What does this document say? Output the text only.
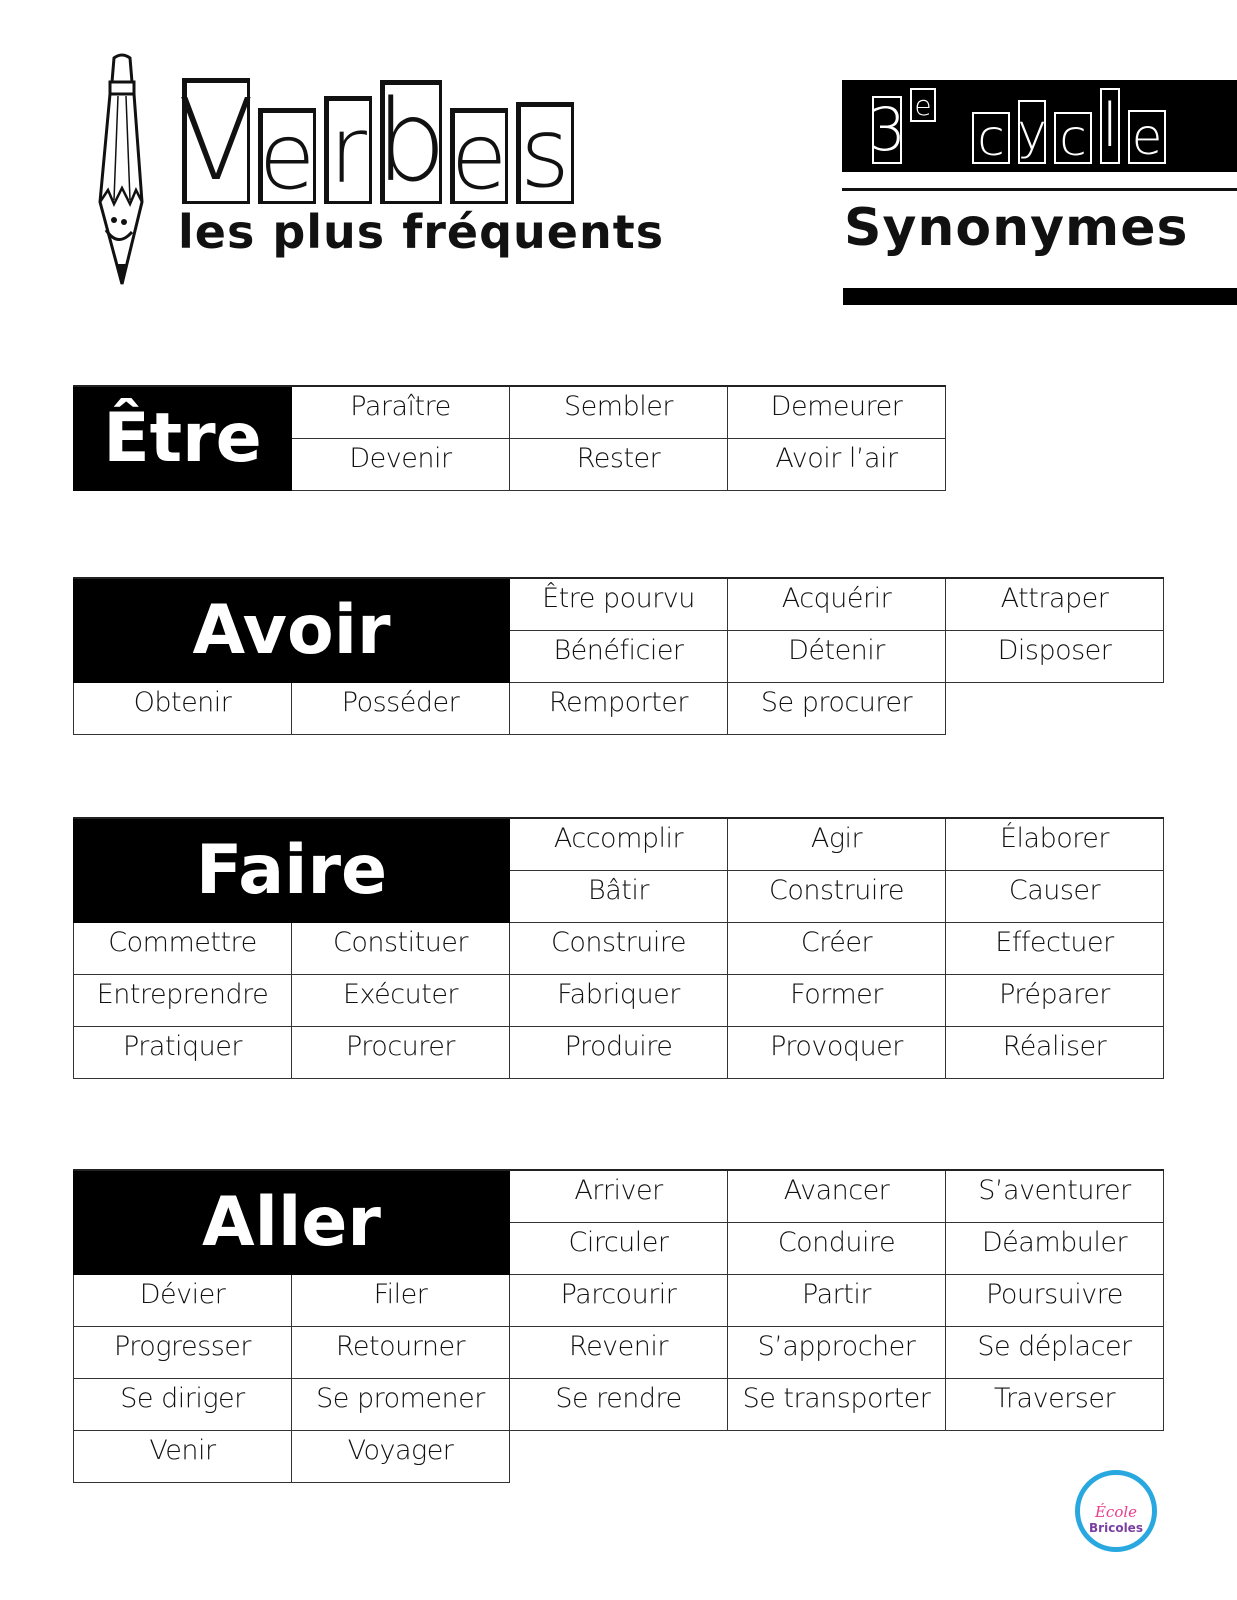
V e r b e s
les plus fréquents
3 e
c y c l e
Synonymes
Être	Paraître	Sembler	Demeurer
	Devenir	Rester	Avoir l’air
Avoir		Être pourvu	Acquérir	Attraper
		Bénéficier	Détenir	Disposer
Obtenir	Posséder	Remporter	Se procurer	
Faire		Accomplir	Agir	Élaborer
		Bâtir	Construire	Causer
Commettre	Constituer	Construire	Créer	Effectuer
Entreprendre	Exécuter	Fabriquer	Former	Préparer
Pratiquer	Procurer	Produire	Provoquer	Réaliser
Aller		Arriver	Avancer	S’aventurer
		Circuler	Conduire	Déambuler
Dévier	Filer	Parcourir	Partir	Poursuivre
Progresser	Retourner	Revenir	S’approcher	Se déplacer
Se diriger	Se promener	Se rendre	Se transporter	Traverser
Venir	Voyager			
École
Bricoles
